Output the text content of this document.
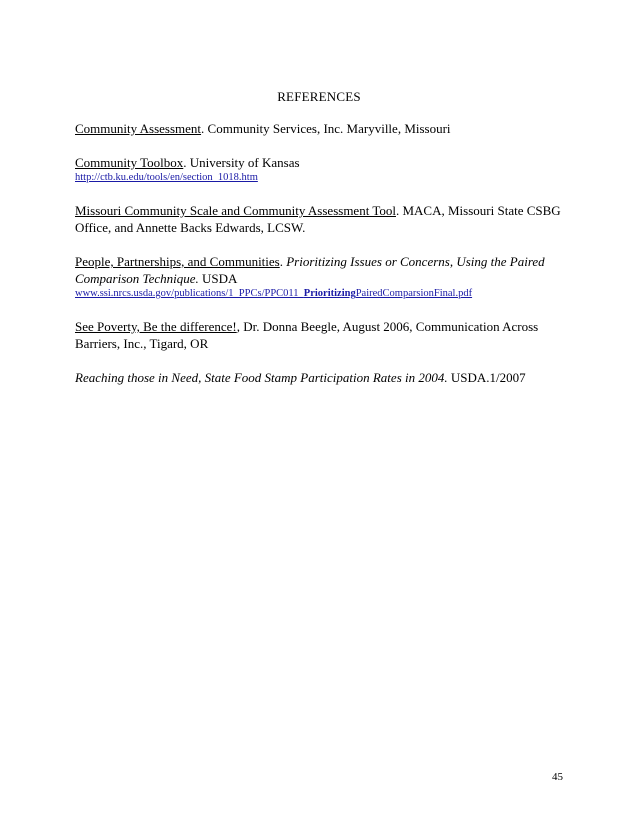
REFERENCES
Community Assessment. Community Services, Inc. Maryville, Missouri
Community Toolbox. University of Kansas
http://ctb.ku.edu/tools/en/section_1018.htm
Missouri Community Scale and Community Assessment Tool. MACA, Missouri State CSBG
Office, and Annette Backs Edwards, LCSW.
People, Partnerships, and Communities. Prioritizing Issues or Concerns, Using the Paired
Comparison Technique. USDA
www.ssi.nrcs.usda.gov/publications/1_PPCs/PPC011_PrioritizingPairedComparsionFinal.pdf
See Poverty, Be the difference!, Dr. Donna Beegle, August 2006, Communication Across
Barriers, Inc., Tigard, OR
Reaching those in Need, State Food Stamp Participation Rates in 2004. USDA.1/2007
45
